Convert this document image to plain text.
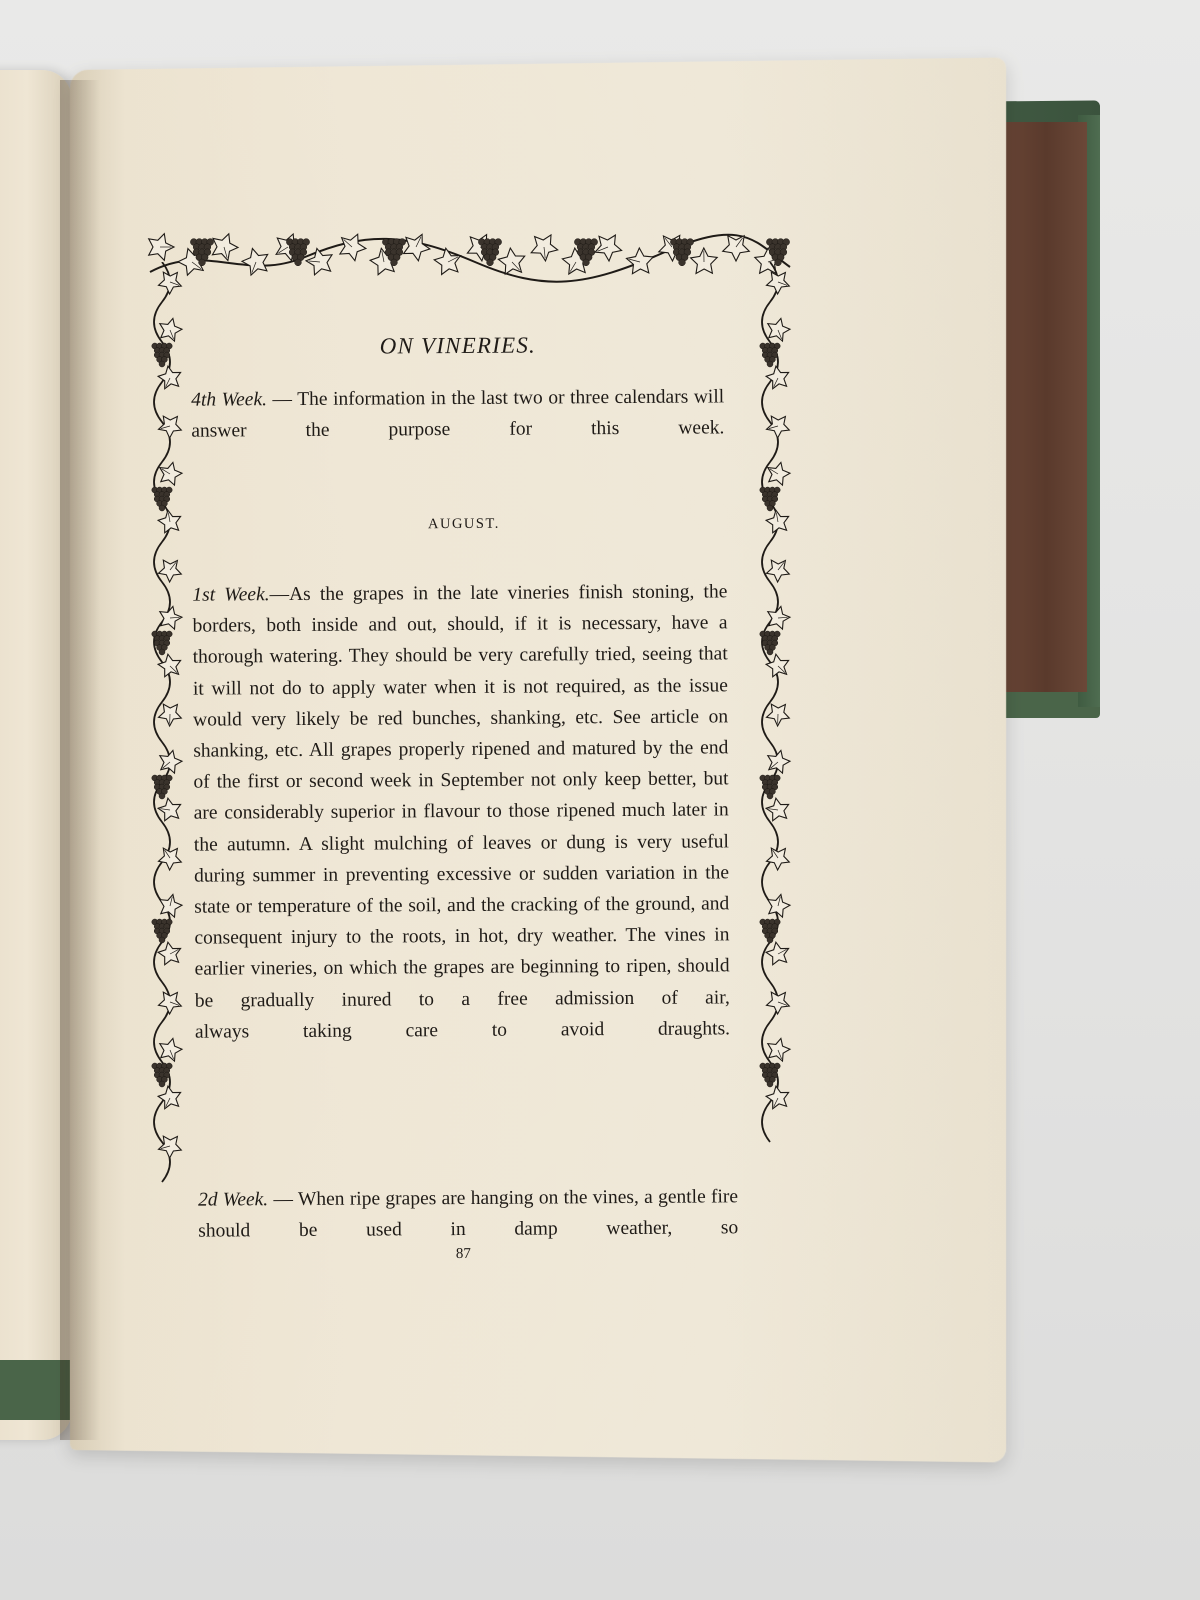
ON VINERIES.

4th Week. — The information in the last two or three calendars will answer the purpose for this week.

AUGUST.

1st Week.—As the grapes in the late vineries finish stoning, the borders, both inside and out, should, if it is necessary, have a thorough watering. They should be very carefully tried, seeing that it will not do to apply water when it is not required, as the issue would very likely be red bunches, shanking, etc. See article on shanking, etc. All grapes properly ripened and matured by the end of the first or second week in September not only keep better, but are considerably superior in flavour to those ripened much later in the autumn. A slight mulching of leaves or dung is very useful during summer in preventing excessive or sudden variation in the state or temperature of the soil, and the cracking of the ground, and consequent injury to the roots, in hot, dry weather. The vines in earlier vineries, on which the grapes are beginning to ripen, should be gradually inured to a free admission of air,
always taking care to avoid draughts.

2d Week. — When ripe grapes are hanging on the vines, a gentle fire should be used in damp weather, so

87
